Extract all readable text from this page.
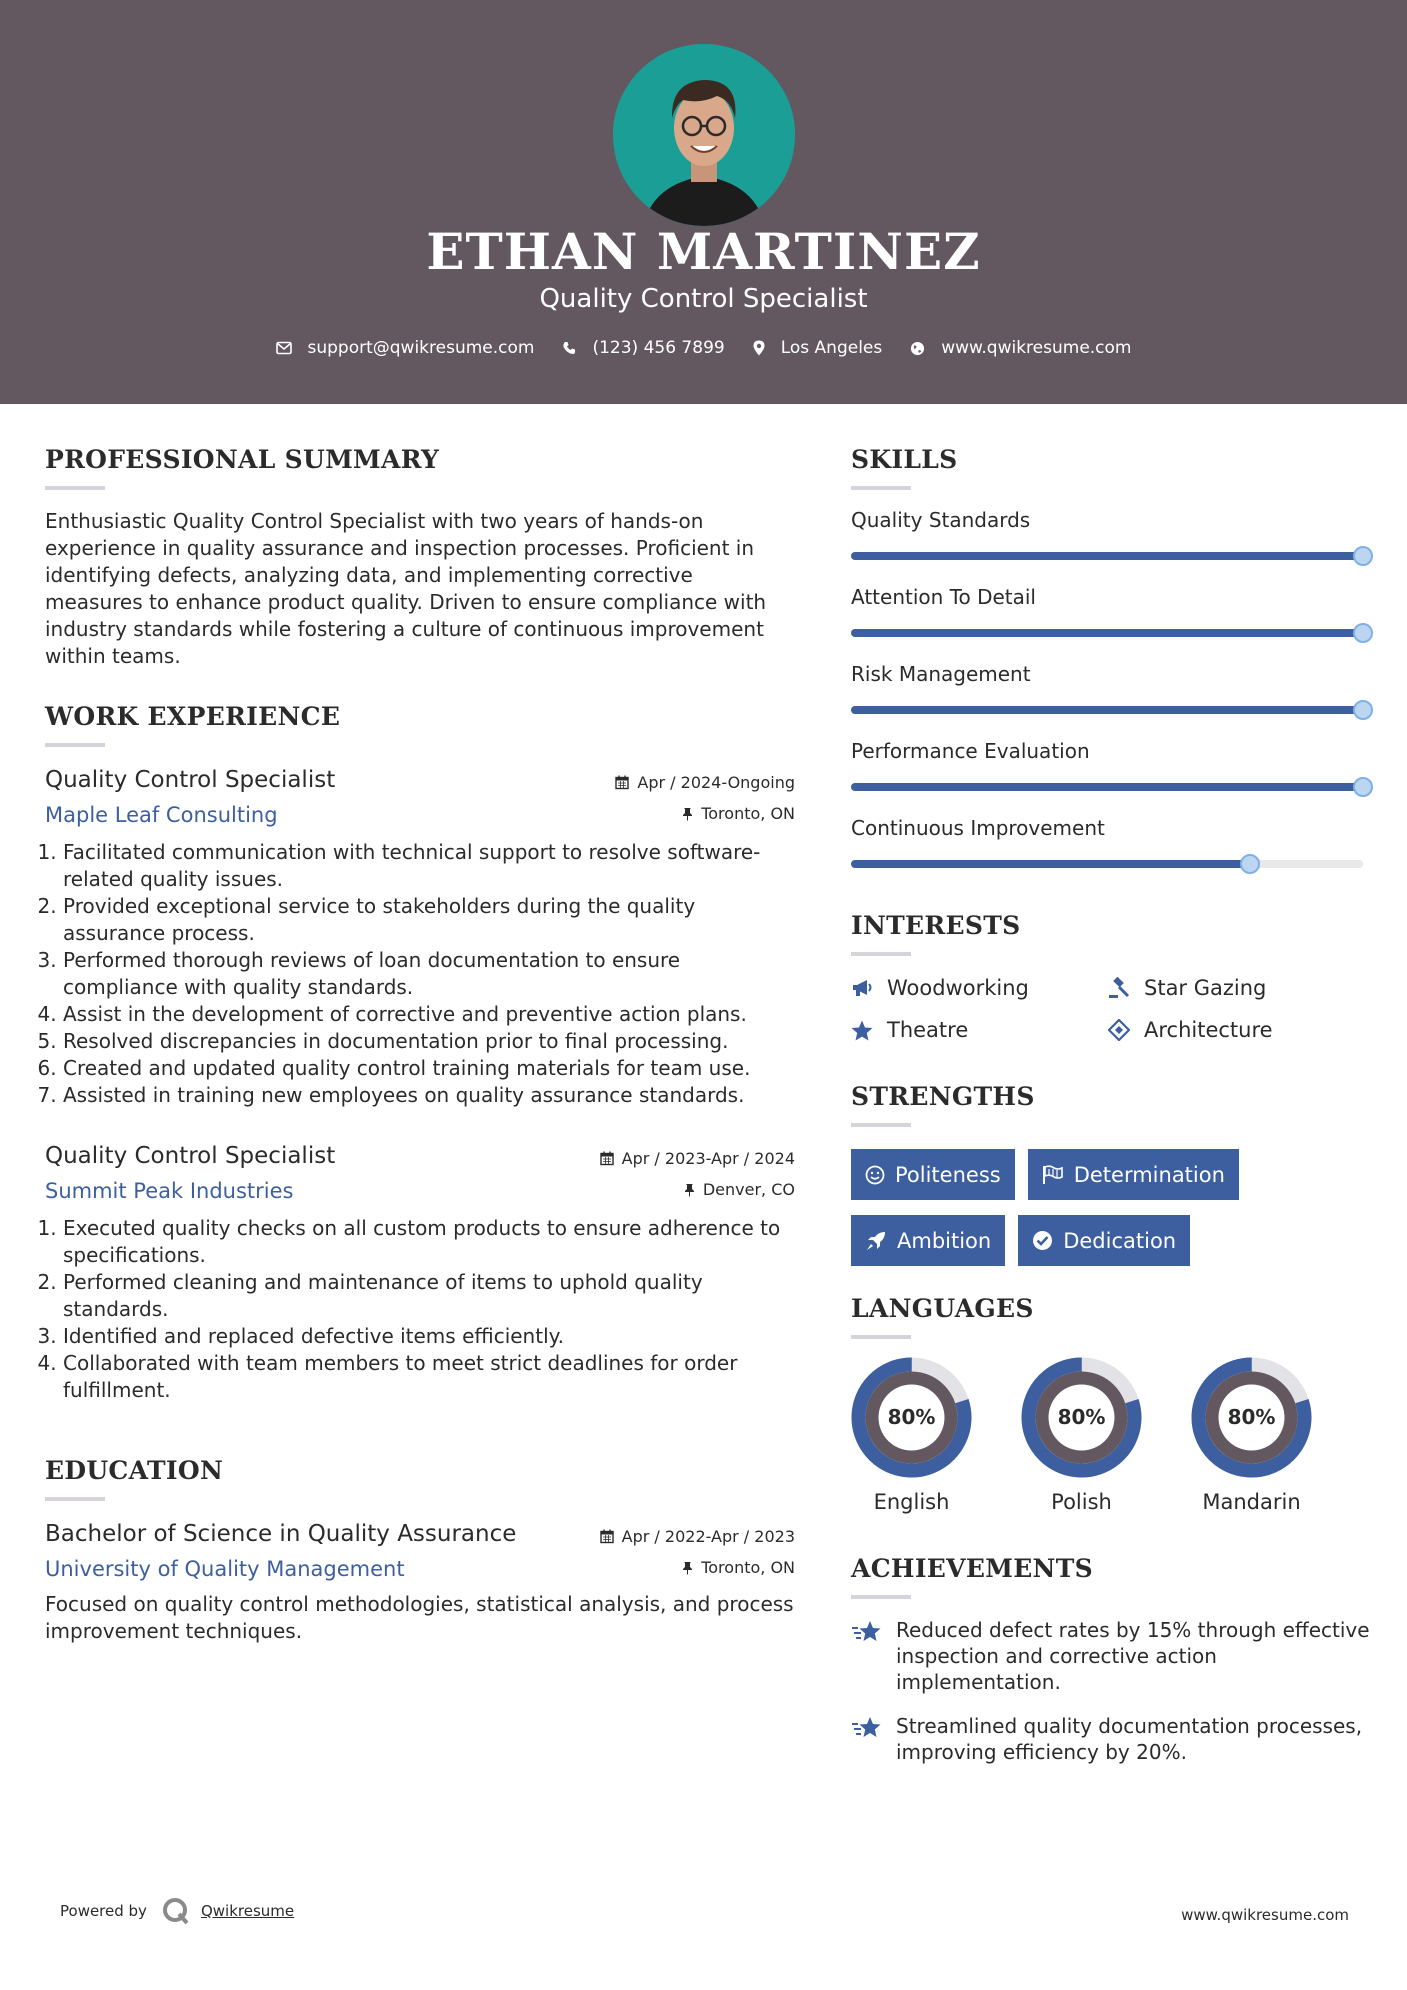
ETHAN MARTINEZ
Quality Control Specialist
support@qwikresume.com	(123) 456 7899	Los Angeles	www.qwikresume.com
PROFESSIONAL SUMMARY

Enthusiastic Quality Control Specialist with two years of hands-on experience in quality assurance and inspection processes. Proficient in identifying defects, analyzing data, and implementing corrective measures to enhance product quality. Driven to ensure compliance with industry standards while fostering a culture of continuous improvement within teams.

WORK EXPERIENCE
Quality Control Specialist
Maple Leaf Consulting
Apr / 2024-Ongoing
Toronto, ON
1. Facilitated communication with technical support to resolve software-related quality issues.
2. Provided exceptional service to stakeholders during the quality assurance process.
3. Performed thorough reviews of loan documentation to ensure compliance with quality standards.
4. Assist in the development of corrective and preventive action plans.
5. Resolved discrepancies in documentation prior to final processing.
6. Created and updated quality control training materials for team use.
7. Assisted in training new employees on quality assurance standards.
Quality Control Specialist
Summit Peak Industries
Apr / 2023-Apr / 2024
Denver, CO
1. Executed quality checks on all custom products to ensure adherence to specifications.
2. Performed cleaning and maintenance of items to uphold quality standards.
3. Identified and replaced defective items efficiently.
4. Collaborated with team members to meet strict deadlines for order fulfillment.
EDUCATION
Bachelor of Science in Quality Assurance
University of Quality Management
Apr / 2022-Apr / 2023
Toronto, ON

Focused on quality control methodologies, statistical analysis, and process improvement techniques.

SKILLS
Quality Standards
Attention To Detail
Risk Management
Performance Evaluation
Continuous Improvement
INTERESTS
Woodworking	Star Gazing
Theatre	Architecture
STRENGTHS
Politeness	Determination
Ambition	Dedication
LANGUAGES
80%
English
80%
Polish
80%
Mandarin
ACHIEVEMENTS
Reduced defect rates by 15% through effective inspection and corrective action implementation.
Streamlined quality documentation processes, improving efficiency by 20%.
Powered by	Qwikresume	www.qwikresume.com
